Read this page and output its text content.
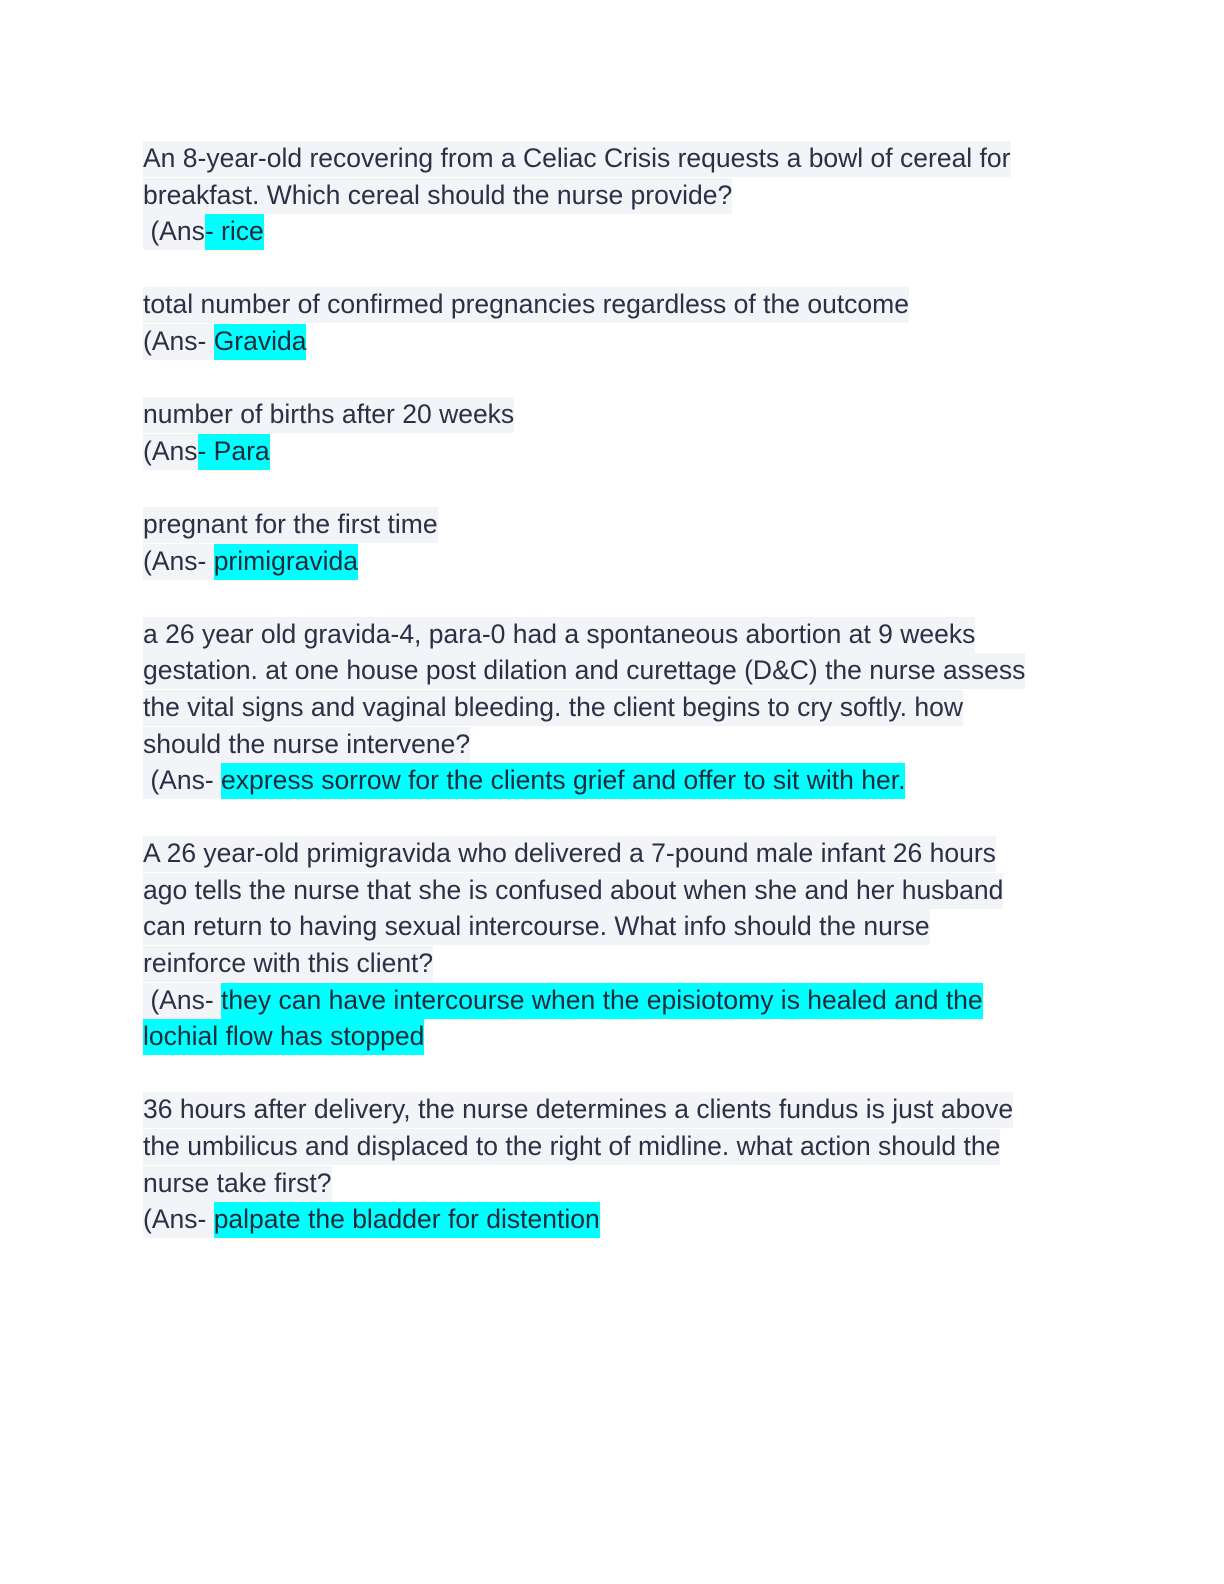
An 8-year-old recovering from a Celiac Crisis requests a bowl of cereal for
breakfast. Which cereal should the nurse provide?
(Ans- rice
total number of confirmed pregnancies regardless of the outcome
(Ans- Gravida
number of births after 20 weeks
(Ans- Para
pregnant for the first time
(Ans- primigravida
a 26 year old gravida-4, para-0 had a spontaneous abortion at 9 weeks
gestation. at one house post dilation and curettage (D&C) the nurse assess
the vital signs and vaginal bleeding. the client begins to cry softly. how
should the nurse intervene?
(Ans- express sorrow for the clients grief and offer to sit with her.
A 26 year-old primigravida who delivered a 7-pound male infant 26 hours
ago tells the nurse that she is confused about when she and her husband
can return to having sexual intercourse. What info should the nurse
reinforce with this client?
(Ans- they can have intercourse when the episiotomy is healed and the
lochial flow has stopped
36 hours after delivery, the nurse determines a clients fundus is just above
the umbilicus and displaced to the right of midline. what action should the
nurse take first?
(Ans- palpate the bladder for distention
